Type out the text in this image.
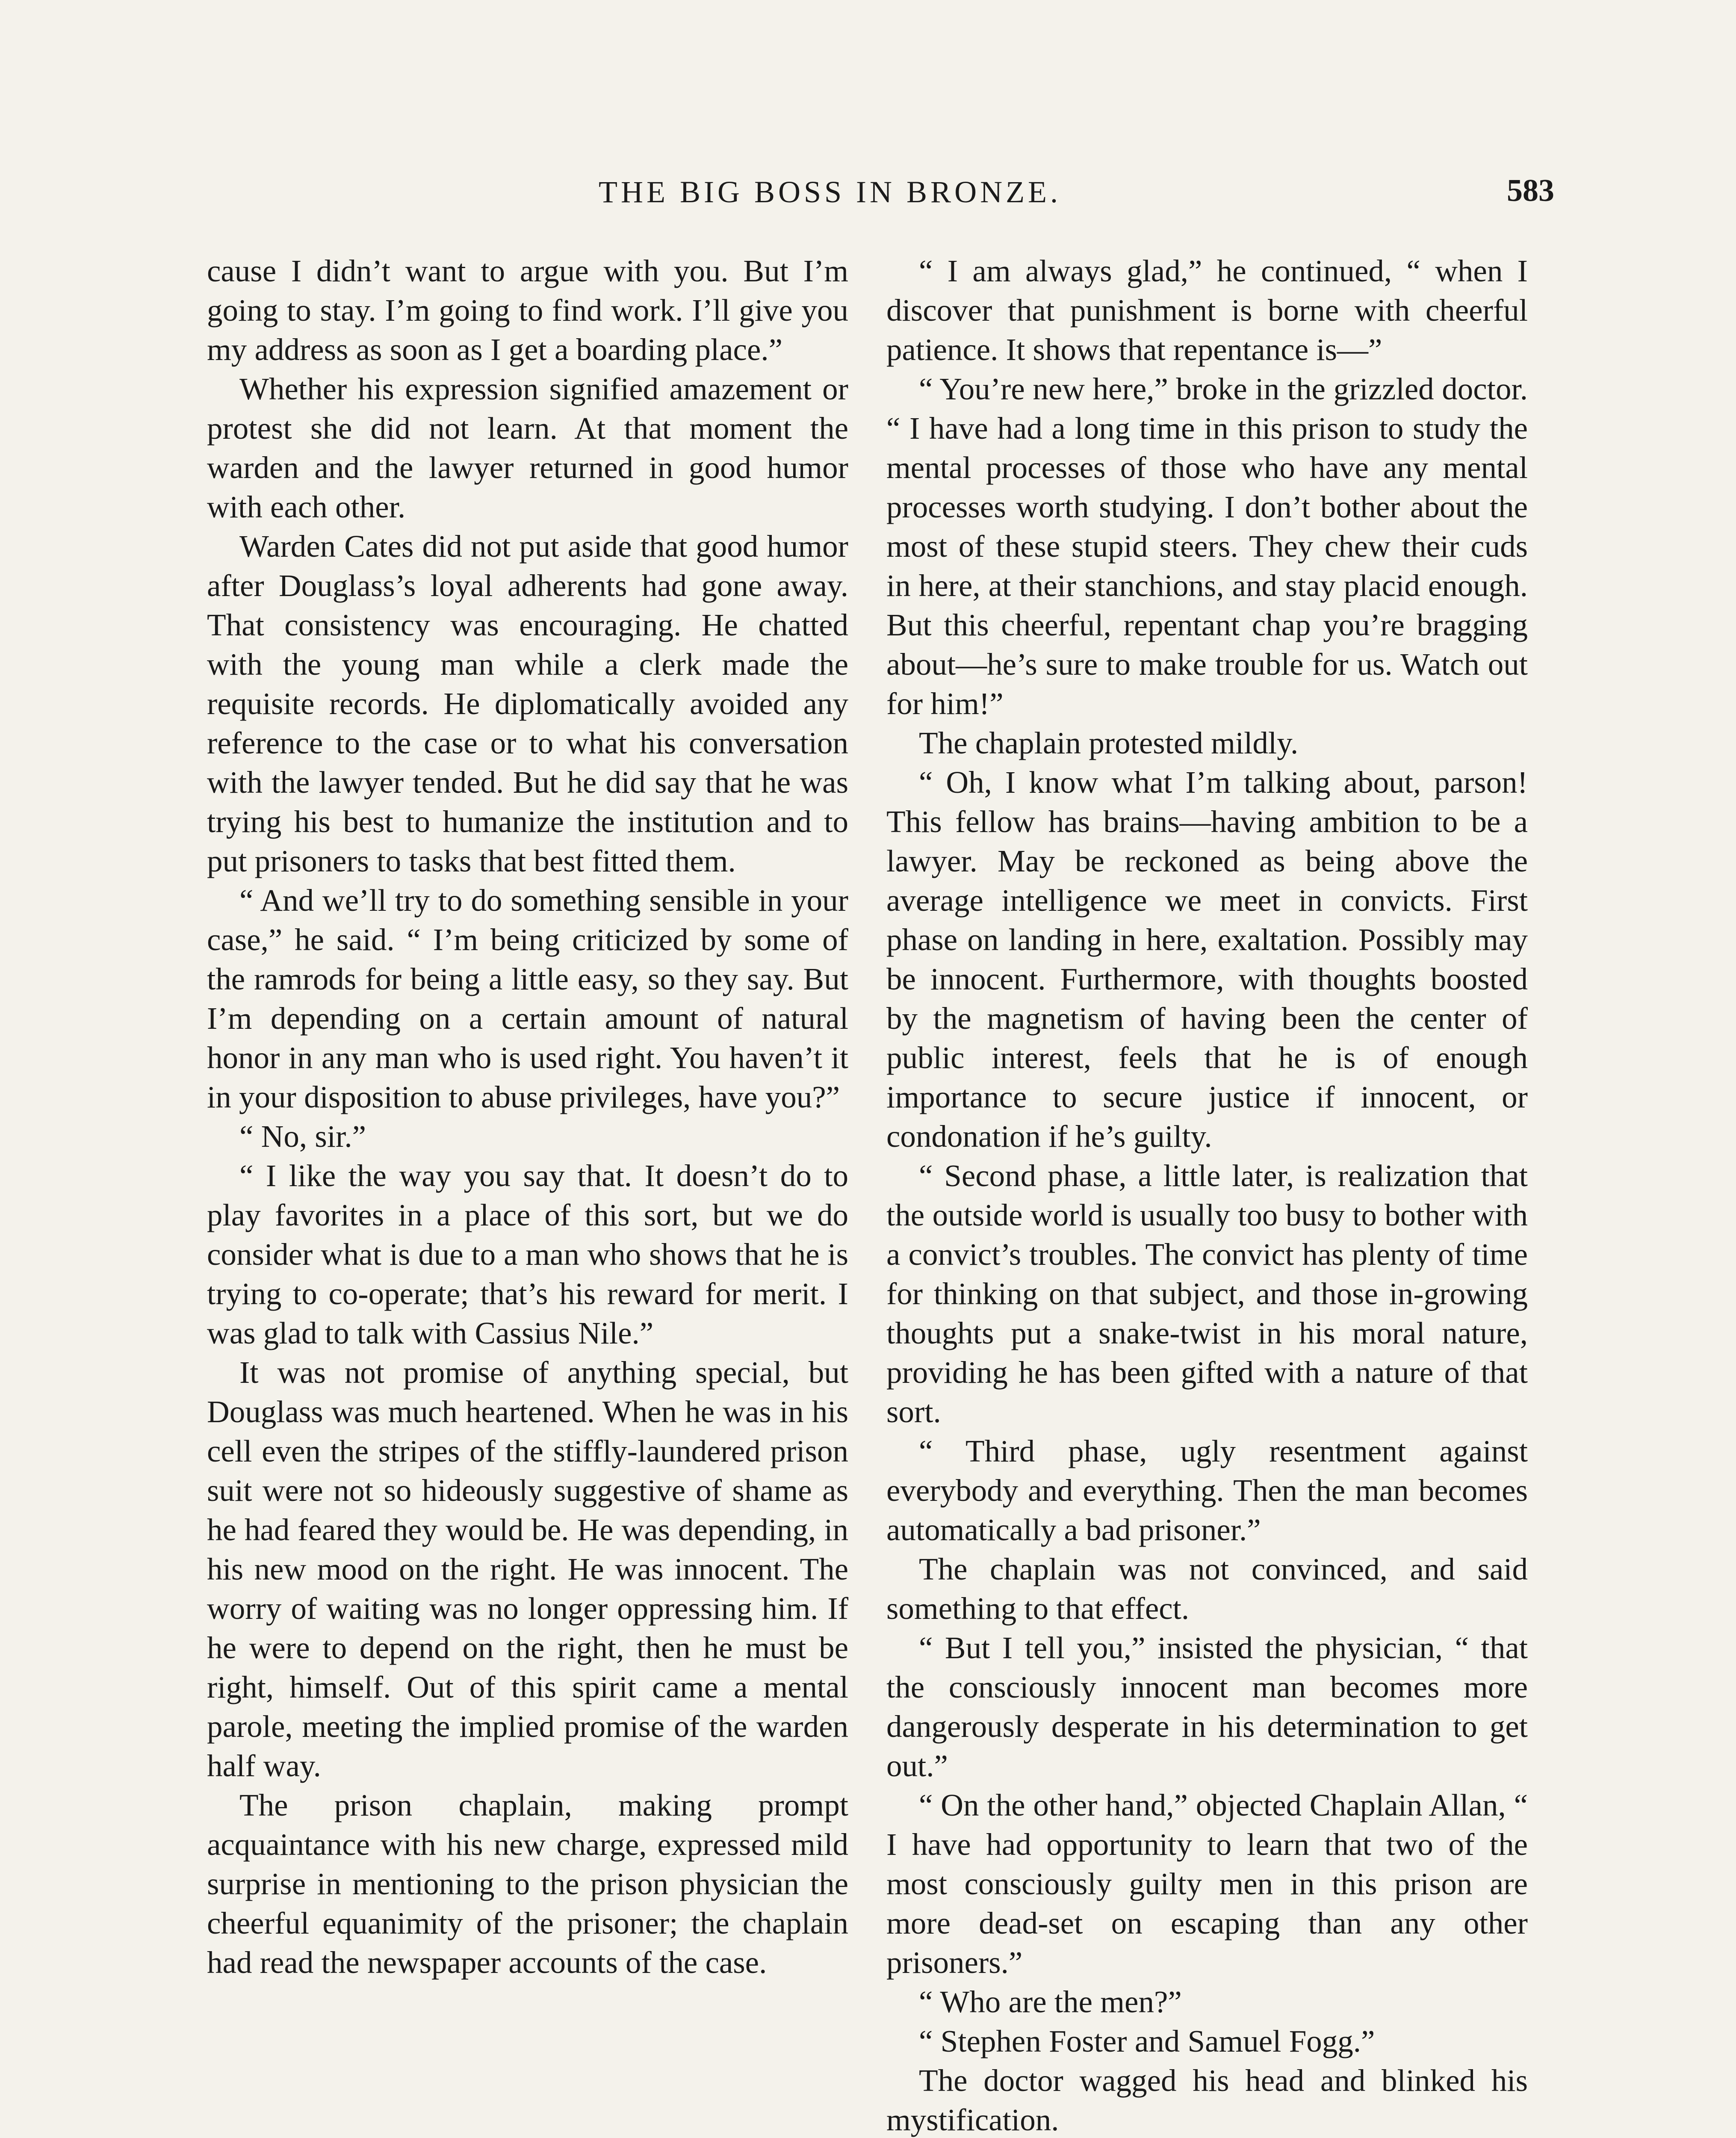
THE BIG BOSS IN BRONZE.	583

cause I didn’t want to argue with you. But I’m going to stay. I’m going to find work. I’ll give you my address as soon as I get a boarding place.”

Whether his expression signified amazement or protest she did not learn. At that moment the warden and the lawyer returned in good humor with each other.

Warden Cates did not put aside that good humor after Douglass’s loyal adherents had gone away. That consistency was encouraging. He chatted with the young man while a clerk made the requisite records. He diplomatically avoided any reference to the case or to what his conversation with the lawyer tended. But he did say that he was trying his best to humanize the institution and to put prisoners to tasks that best fitted them.

“ And we’ll try to do something sensible in your case,” he said. “ I’m being criticized by some of the ramrods for being a little easy, so they say. But I’m depending on a certain amount of natural honor in any man who is used right. You haven’t it in your disposition to abuse privileges, have you?”

“ No, sir.”

“ I like the way you say that. It doesn’t do to play favorites in a place of this sort, but we do consider what is due to a man who shows that he is trying to co-operate; that’s his reward for merit. I was glad to talk with Cassius Nile.”

It was not promise of anything special, but Douglass was much heartened. When he was in his cell even the stripes of the stiffly-laundered prison suit were not so hideously suggestive of shame as he had feared they would be. He was depending, in his new mood on the right. He was innocent. The worry of waiting was no longer oppressing him. If he were to depend on the right, then he must be right, himself. Out of this spirit came a mental parole, meeting the implied promise of the warden half way.

The prison chaplain, making prompt acquaintance with his new charge, expressed mild surprise in mentioning to the prison physician the cheerful equanimity of the prisoner; the chaplain had read the newspaper accounts of the case.

“ I am always glad,” he continued, “ when I discover that punishment is borne with cheerful patience. It shows that repentance is—”

“ You’re new here,” broke in the grizzled doctor. “ I have had a long time in this prison to study the mental processes of those who have any mental processes worth studying. I don’t bother about the most of these stupid steers. They chew their cuds in here, at their stanchions, and stay placid enough. But this cheerful, repentant chap you’re bragging about—he’s sure to make trouble for us. Watch out for him!”

The chaplain protested mildly.

“ Oh, I know what I’m talking about, parson! This fellow has brains—having ambition to be a lawyer. May be reckoned as being above the average intelligence we meet in convicts. First phase on landing in here, exaltation. Possibly may be innocent. Furthermore, with thoughts boosted by the magnetism of having been the center of public interest, feels that he is of enough importance to secure justice if innocent, or condonation if he’s guilty.

“ Second phase, a little later, is realization that the outside world is usually too busy to bother with a convict’s troubles. The convict has plenty of time for thinking on that subject, and those in-growing thoughts put a snake-twist in his moral nature, providing he has been gifted with a nature of that sort.

“ Third phase, ugly resentment against everybody and everything. Then the man becomes automatically a bad prisoner.”

The chaplain was not convinced, and said something to that effect.

“ But I tell you,” insisted the physician, “ that the consciously innocent man becomes more dangerously desperate in his determination to get out.”

“ On the other hand,” objected Chaplain Allan, “ I have had opportunity to learn that two of the most consciously guilty men in this prison are more dead-set on escaping than any other prisoners.”

“ Who are the men?”

“ Stephen Foster and Samuel Fogg.”

The doctor wagged his head and blinked his mystification.
